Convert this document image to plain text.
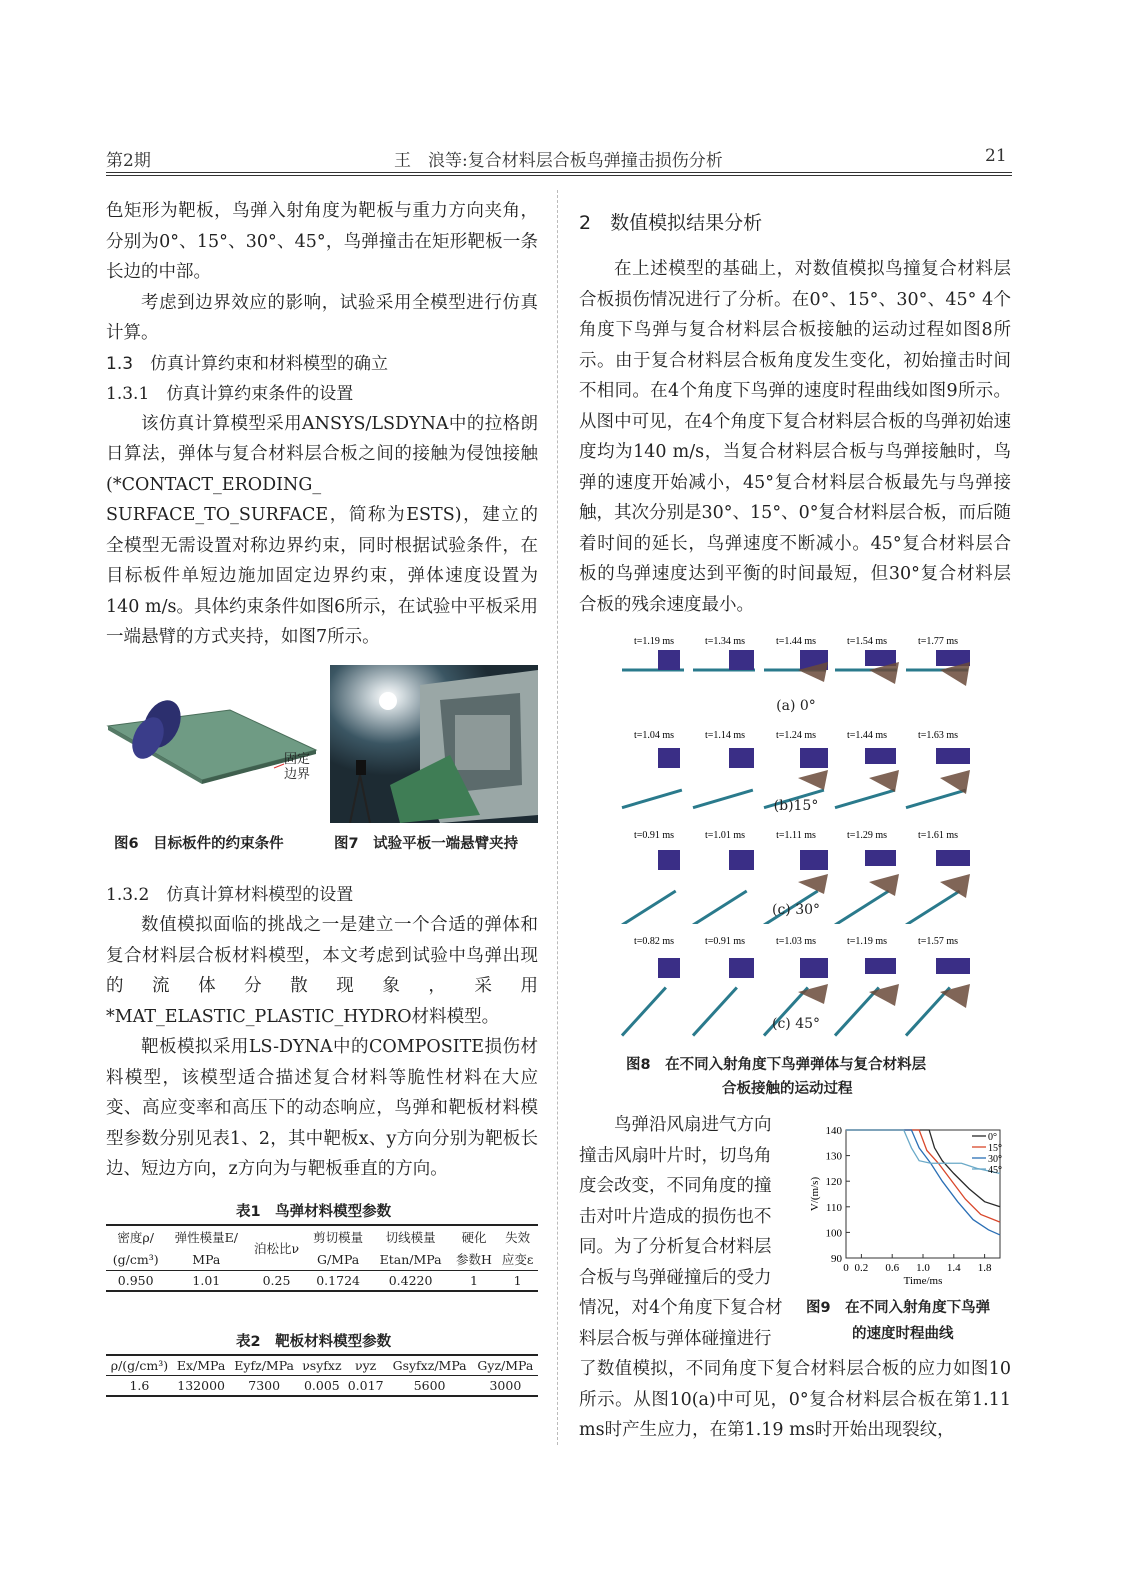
第2期	王　浪等:复合材料层合板鸟弹撞击损伤分析	21

色矩形为靶板，鸟弹入射角度为靶板与重力方向夹角，分别为0°、15°、30°、45°，鸟弹撞击在矩形靶板一条长边的中部。

考虑到边界效应的影响，试验采用全模型进行仿真计算。

1.3　仿真计算约束和材料模型的确立
1.3.1　仿真计算约束条件的设置

该仿真计算模型采用ANSYS/LSDYNA中的拉格朗日算法，弹体与复合材料层合板之间的接触为侵蚀接触(*CONTACT_ERODING_ SURFACE_TO_SURFACE，简称为ESTS)，建立的全模型无需设置对称边界约束，同时根据试验条件，在目标板件单短边施加固定边界约束，弹体速度设置为140 m/s。具体约束条件如图6所示，在试验中平板采用一端悬臂的方式夹持，如图7所示。

固定
边界
图6　目标板件的约束条件	图7　试验平板一端悬臂夹持
1.3.2　仿真计算材料模型的设置

数值模拟面临的挑战之一是建立一个合适的弹体和复合材料层合板材料模型，本文考虑到试验中鸟弹出现的流体分散现象，采用*MAT_ELASTIC_PLASTIC_HYDRO材料模型。

靶板模拟采用LS-DYNA中的COMPOSITE损伤材料模型，该模型适合描述复合材料等脆性材料在大应变、高应变率和高压下的动态响应，鸟弹和靶板材料模型参数分别见表1、2，其中靶板x、y方向分别为靶板长边、短边方向，z方向为与靶板垂直的方向。

表1　鸟弹材料模型参数
密度ρ/	弹性模量E/	泊松比ν	剪切模量	切线模量	硬化	失效
(g/cm³)	MPa		G/MPa	Etan/MPa	参数H	应变ε
0.950	1.01	0.25	0.1724	0.4220	1	1
表2　靶板材料模型参数
ρ/(g/cm³)	Ex/MPa	Eyfz/MPa	νsyfxz	νyz	Gsyfxz/MPa	Gyz/MPa
1.6	132000	7300	0.005	0.017	5600	3000
2　数值模拟结果分析

在上述模型的基础上，对数值模拟鸟撞复合材料层合板损伤情况进行了分析。在0°、15°、30°、45° 4个角度下鸟弹与复合材料层合板接触的运动过程如图8所示。由于复合材料层合板角度发生变化，初始撞击时间不相同。在4个角度下鸟弹的速度时程曲线如图9所示。从图中可见，在4个角度下复合材料层合板的鸟弹初始速度均为140 m/s，当复合材料层合板与鸟弹接触时，鸟弹的速度开始减小，45°复合材料层合板最先与鸟弹接触，其次分别是30°、15°、0°复合材料层合板，而后随着时间的延长，鸟弹速度不断减小。45°复合材料层合板的鸟弹速度达到平衡的时间最短，但30°复合材料层合板的残余速度最小。

t=1.19 ms	t=1.34 ms	t=1.44 ms	t=1.54 ms	t=1.77 ms
(a) 0°
t=1.04 ms	t=1.14 ms	t=1.24 ms	t=1.44 ms	t=1.63 ms
(b)15°
t=0.91 ms	t=1.01 ms	t=1.11 ms	t=1.29 ms	t=1.61 ms
(c) 30°
t=0.82 ms	t=0.91 ms	t=1.03 ms	t=1.19 ms	t=1.57 ms
(c) 45°
图8　在不同入射角度下鸟弹弹体与复合材料层
合板接触的运动过程
鸟弹沿风扇进气方向
撞击风扇叶片时，切鸟角
度会改变，不同角度的撞
击对叶片造成的损伤也不
同。为了分析复合材料层
合板与鸟弹碰撞后的受力
情况，对4个角度下复合材
料层合板与弹体碰撞进行
90
100
110
120
130
140
0 0.2 0.6 1.0 1.4 1.8
Time/ms
V/(m/s)
0°
15°
30°
45°
图9　在不同入射角度下鸟弹
的速度时程曲线

了数值模拟，不同角度下复合材料层合板的应力如图10所示。从图10(a)中可见，0°复合材料层合板在第1.11 ms时产生应力，在第1.19 ms时开始出现裂纹，
